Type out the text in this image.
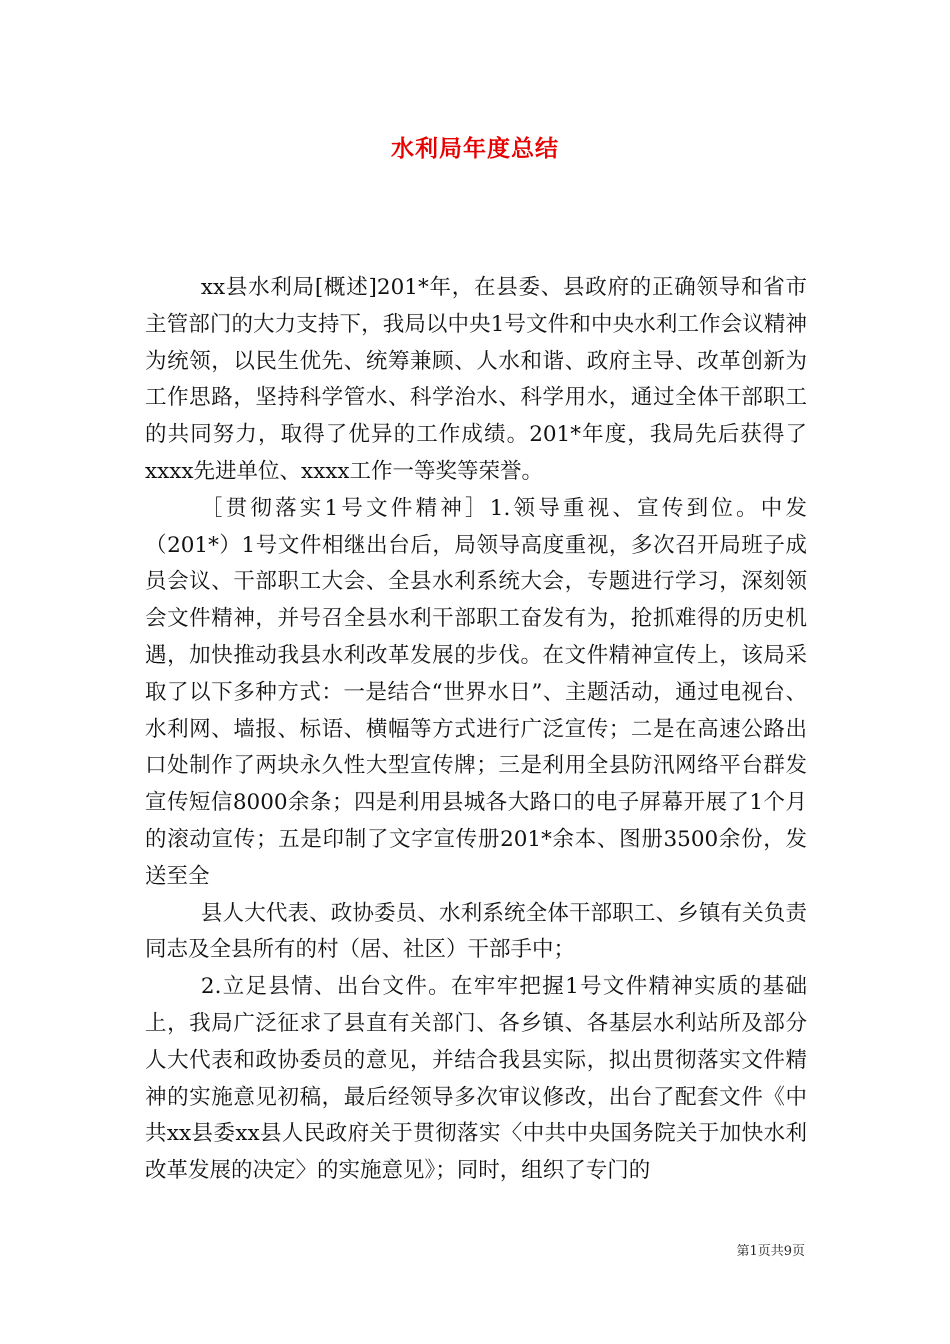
水利局年度总结

xx县水利局[概述]201*年，在县委、县政府的正确领导和省市主管部门的大力支持下，我局以中央1号文件和中央水利工作会议精神为统领，以民生优先、统筹兼顾、人水和谐、政府主导、改革创新为工作思路，坚持科学管水、科学治水、科学用水，通过全体干部职工的共同努力，取得了优异的工作成绩。201*年度，我局先后获得了xxxx先进单位、xxxx工作一等奖等荣誉。

［贯彻落实1号文件精神］1.领导重视、宣传到位。中发（201*）1号文件相继出台后，局领导高度重视，多次召开局班子成员会议、干部职工大会、全县水利系统大会，专题进行学习，深刻领会文件精神，并号召全县水利干部职工奋发有为，抢抓难得的历史机遇，加快推动我县水利改革发展的步伐。在文件精神宣传上，该局采取了以下多种方式：一是结合“世界水日”、主题活动，通过电视台、水利网、墙报、标语、横幅等方式进行广泛宣传；二是在高速公路出口处制作了两块永久性大型宣传牌；三是利用全县防汛网络平台群发宣传短信8000余条；四是利用县城各大路口的电子屏幕开展了1个月的滚动宣传；五是印制了文字宣传册201*余本、图册3500余份，发送至全

县人大代表、政协委员、水利系统全体干部职工、乡镇有关负责同志及全县所有的村（居、社区）干部手中；

2.立足县情、出台文件。在牢牢把握1号文件精神实质的基础上，我局广泛征求了县直有关部门、各乡镇、各基层水利站所及部分人大代表和政协委员的意见，并结合我县实际，拟出贯彻落实文件精神的实施意见初稿，最后经领导多次审议修改，出台了配套文件《中共xx县委xx县人民政府关于贯彻落实〈中共中央国务院关于加快水利改革发展的决定〉的实施意见》；同时，组织了专门的

第1页共9页
